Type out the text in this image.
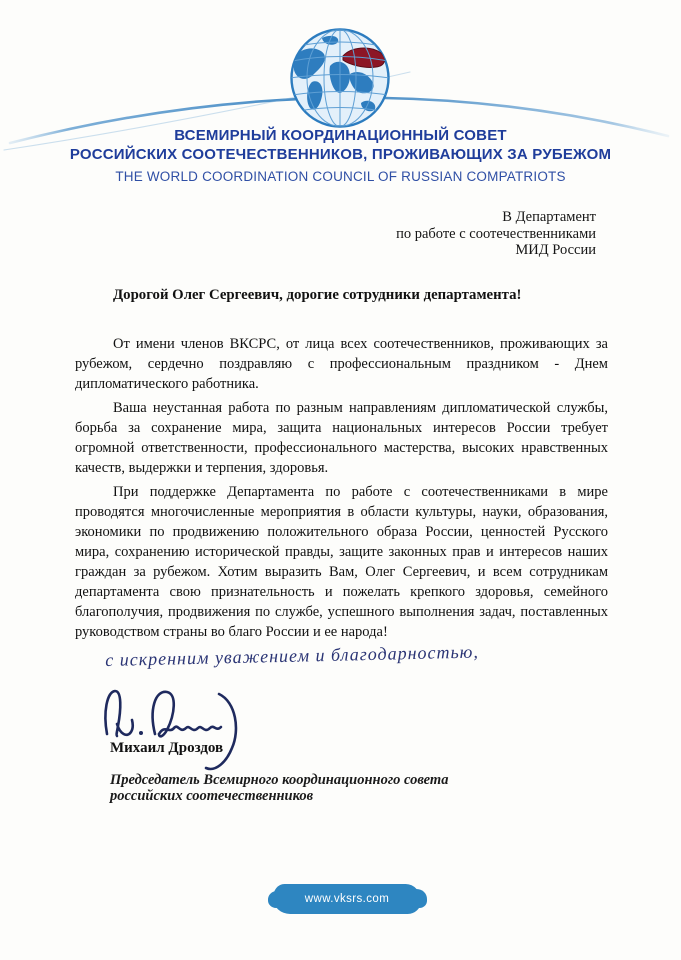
ВСЕМИРНЫЙ КООРДИНАЦИОННЫЙ СОВЕТ
РОССИЙСКИХ СООТЕЧЕСТВЕННИКОВ, ПРОЖИВАЮЩИХ ЗА РУБЕЖОМ
THE WORLD COORDINATION COUNCIL OF RUSSIAN COMPATRIOTS
В Департамент
по работе с соотечественниками
МИД России

Дорогой Олег Сергеевич, дорогие сотрудники департамента!

От имени членов ВКСРС, от лица всех соотечественников, проживающих за рубежом, сердечно поздравляю с профессиональным праздником - Днем дипломатического работника.

Ваша неустанная работа по разным направлениям дипломатической службы, борьба за сохранение мира, защита национальных интересов России требует огромной ответственности, профессионального мастерства, высоких нравственных качеств, выдержки и терпения, здоровья.

При поддержке Департамента по работе с соотечественниками в мире проводятся многочисленные мероприятия в области культуры, науки, образования, экономики по продвижению положительного образа России, ценностей Русского мира, сохранению исторической правды, защите законных прав и интересов наших граждан за рубежом. Хотим выразить Вам, Олег Сергеевич, и всем сотрудникам департамента свою признательность и пожелать крепкого здоровья, семейного благополучия, продвижения по службе, успешного выполнения задач, поставленных руководством страны во благо России и ее народа!

с искренним уважением и благодарностью,
Михаил Дроздов
Председатель Всемирного координационного совета
российских соотечественников
www.vksrs.com
